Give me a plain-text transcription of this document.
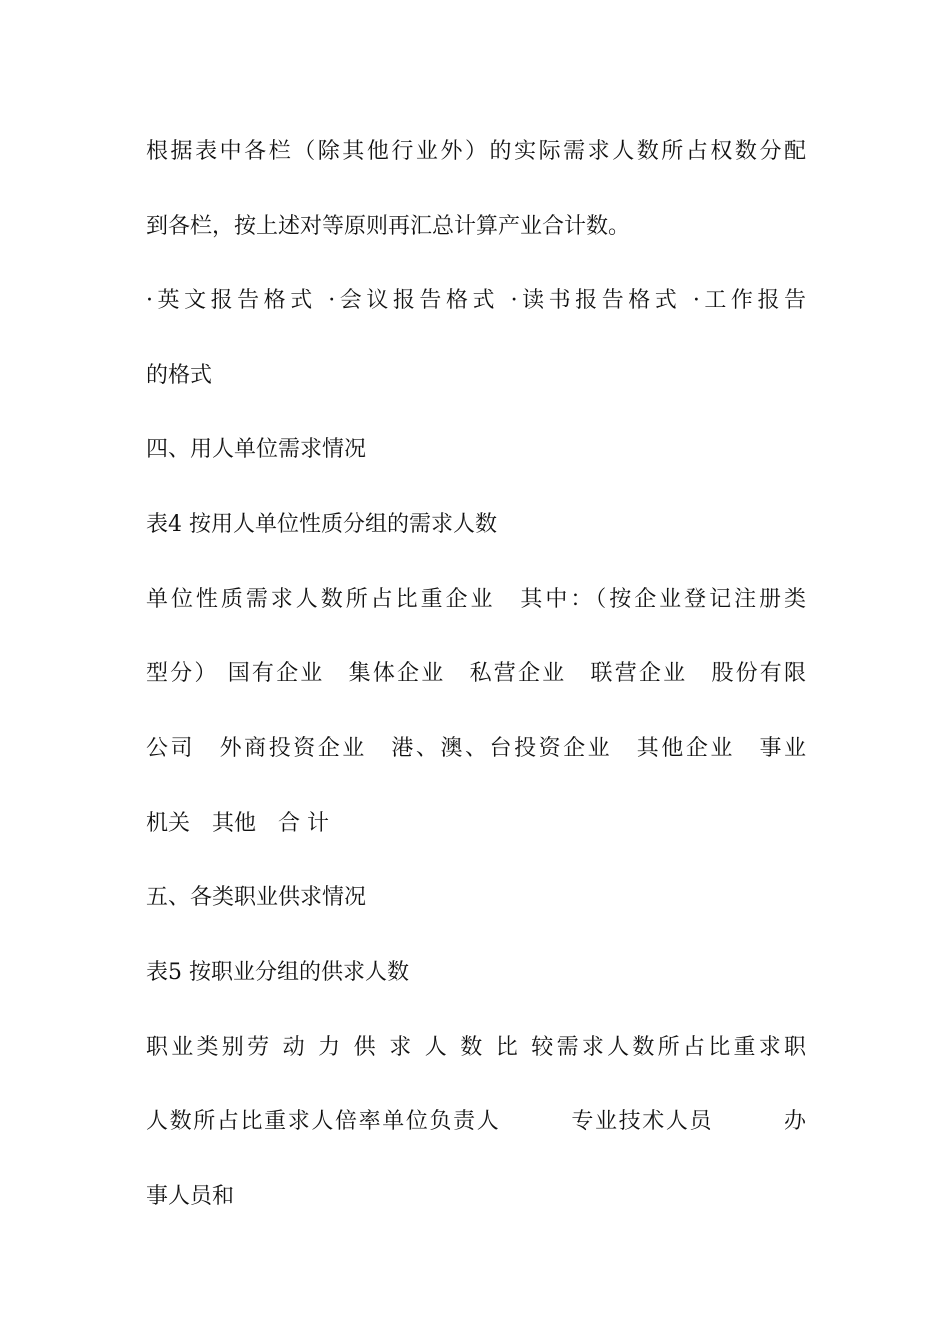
根据表中各栏（除其他行业外）的实际需求人数所占权数分配
到各栏，按上述对等原则再汇总计算产业合计数。
·英文报告格式 ·会议报告格式 ·读书报告格式 ·工作报告
的格式
四、用人单位需求情况
表4 按用人单位性质分组的需求人数
单位性质需求人数所占比重企业　其中：（按企业登记注册类
型分） 国有企业　集体企业　私营企业　联营企业　股份有限
公司　外商投资企业　港、澳、台投资企业　其他企业　事业
机关　其他　合 计
五、各类职业供求情况
表5 按职业分组的供求人数
职业类别劳 动 力 供 求 人 数 比 较需求人数所占比重求职
人数所占比重求人倍率单位负责人　　　专业技术人员　　　办
事人员和
